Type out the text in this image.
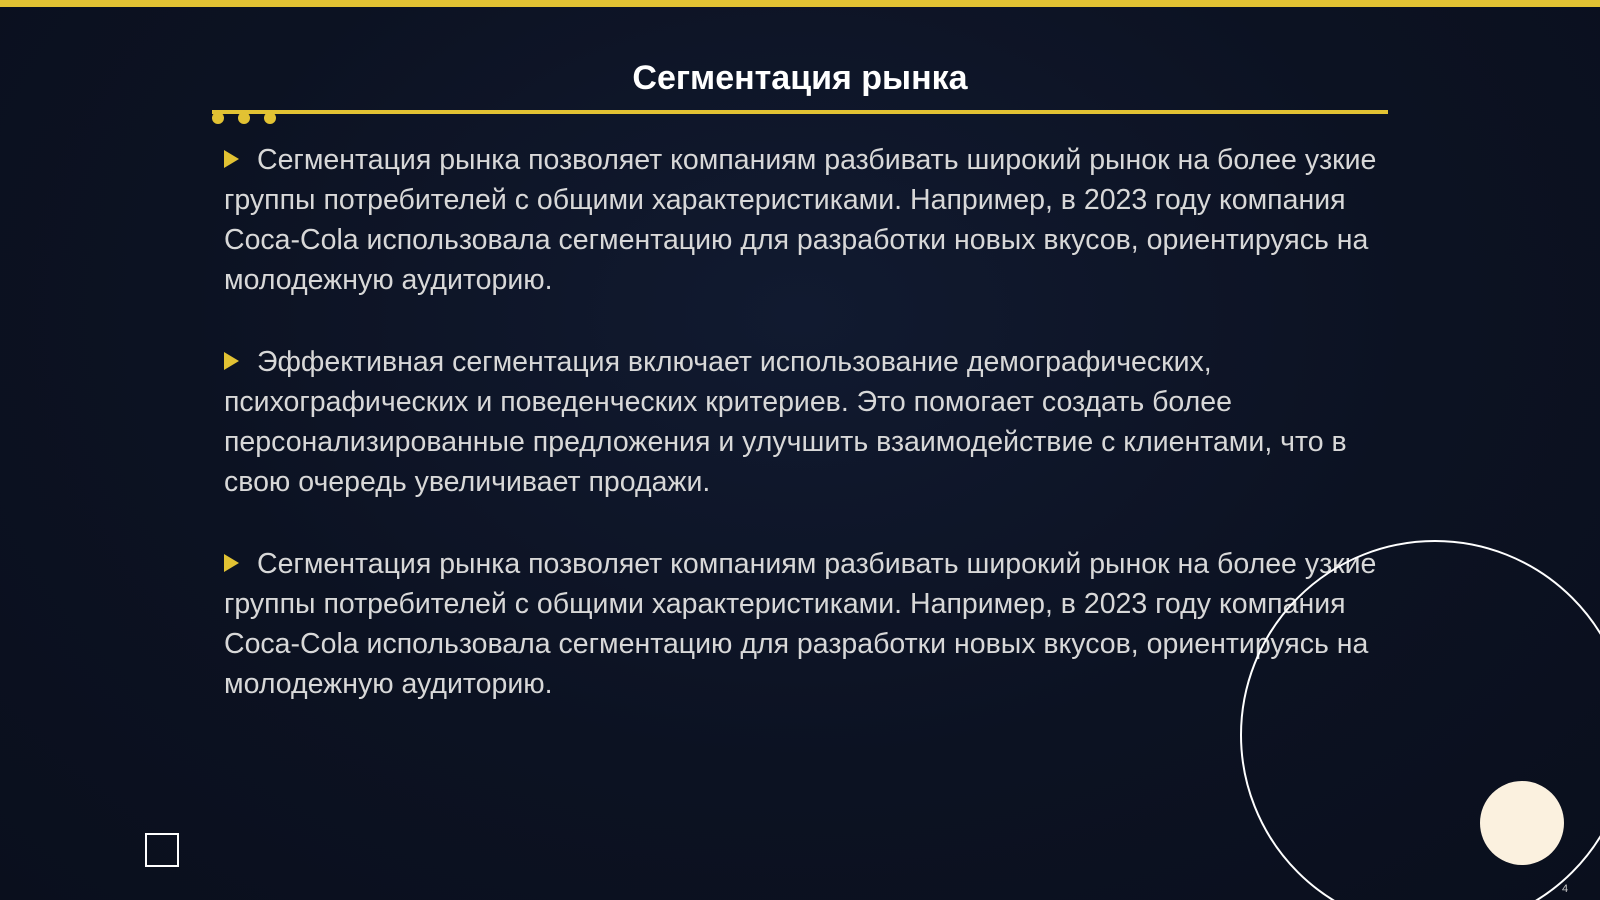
Сегментация рынка
Сегментация рынка позволяет компаниям разбивать широкий рынок на более узкие группы потребителей с общими характеристиками. Например, в 2023 году компания Coca-Cola использовала сегментацию для разработки новых вкусов, ориентируясь на молодежную аудиторию.
Эффективная сегментация включает использование демографических, психографических и поведенческих критериев. Это помогает создать более персонализированные предложения и улучшить взаимодействие с клиентами, что в свою очередь увеличивает продажи.
Сегментация рынка позволяет компаниям разбивать широкий рынок на более узкие группы потребителей с общими характеристиками. Например, в 2023 году компания Coca-Cola использовала сегментацию для разработки новых вкусов, ориентируясь на молодежную аудиторию.
4
